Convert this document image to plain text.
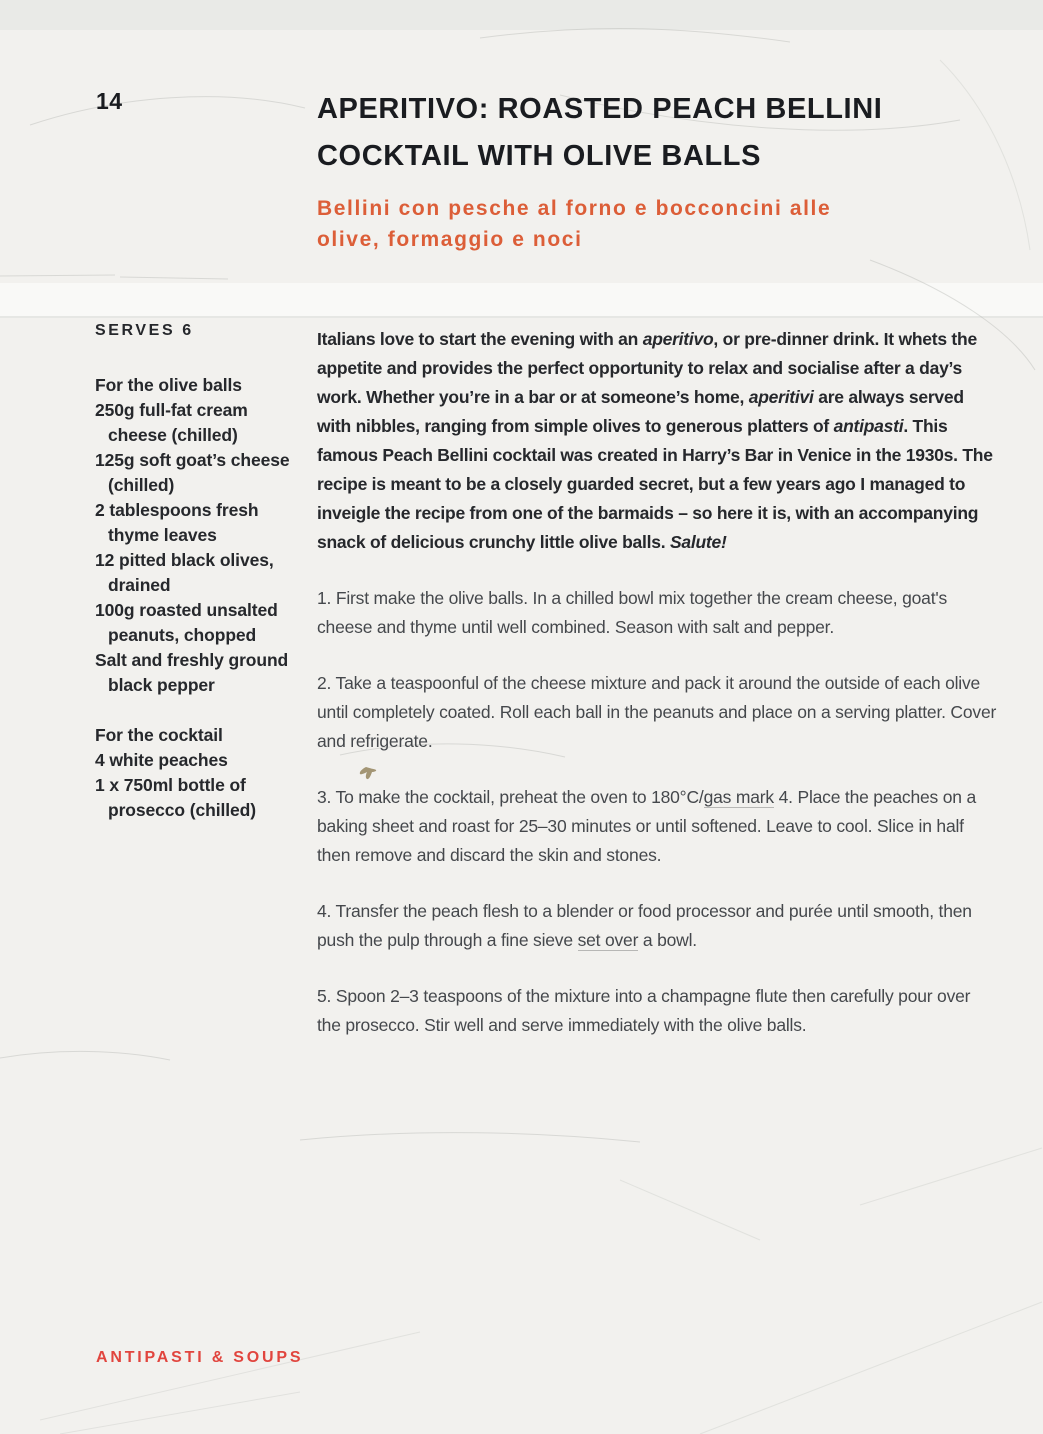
14	APERITIVO: ROASTED PEACH BELLINI
COCKTAIL WITH OLIVE BALLS
Bellini con pesche al forno e bocconcini alle
olive, formaggio e noci
SERVES 6
For the olive balls
250g full-fat cream cheese (chilled)
125g soft goat’s cheese (chilled)
2 tablespoons fresh thyme leaves
12 pitted black olives, drained
100g roasted unsalted peanuts, chopped
Salt and freshly ground black pepper
For the cocktail
4 white peaches
1 x 750ml bottle of prosecco (chilled)

Italians love to start the evening with an aperitivo, or pre-dinner drink. It whets the appetite and provides the perfect opportunity to relax and socialise after a day’s work. Whether you’re in a bar or at someone’s home, aperitivi are always served with nibbles, ranging from simple olives to generous platters of antipasti. This famous Peach Bellini cocktail was created in Harry’s Bar in Venice in the 1930s. The recipe is meant to be a closely guarded secret, but a few years ago I managed to inveigle the recipe from one of the barmaids – so here it is, with an accompanying snack of delicious crunchy little olive balls. Salute!

1. First make the olive balls. In a chilled bowl mix together the cream cheese, goat's cheese and thyme until well combined. Season with salt and pepper.

2. Take a teaspoonful of the cheese mixture and pack it around the outside of each olive until completely coated. Roll each ball in the peanuts and place on a serving platter. Cover and refrigerate.

3. To make the cocktail, preheat the oven to 180°C/gas mark 4. Place the peaches on a baking sheet and roast for 25–30 minutes or until softened. Leave to cool. Slice in half then remove and discard the skin and stones.

4. Transfer the peach flesh to a blender or food processor and purée until smooth, then push the pulp through a fine sieve set over a bowl.

5. Spoon 2–3 teaspoons of the mixture into a champagne flute then carefully pour over the prosecco. Stir well and serve immediately with the olive balls.

ANTIPASTI & SOUPS
